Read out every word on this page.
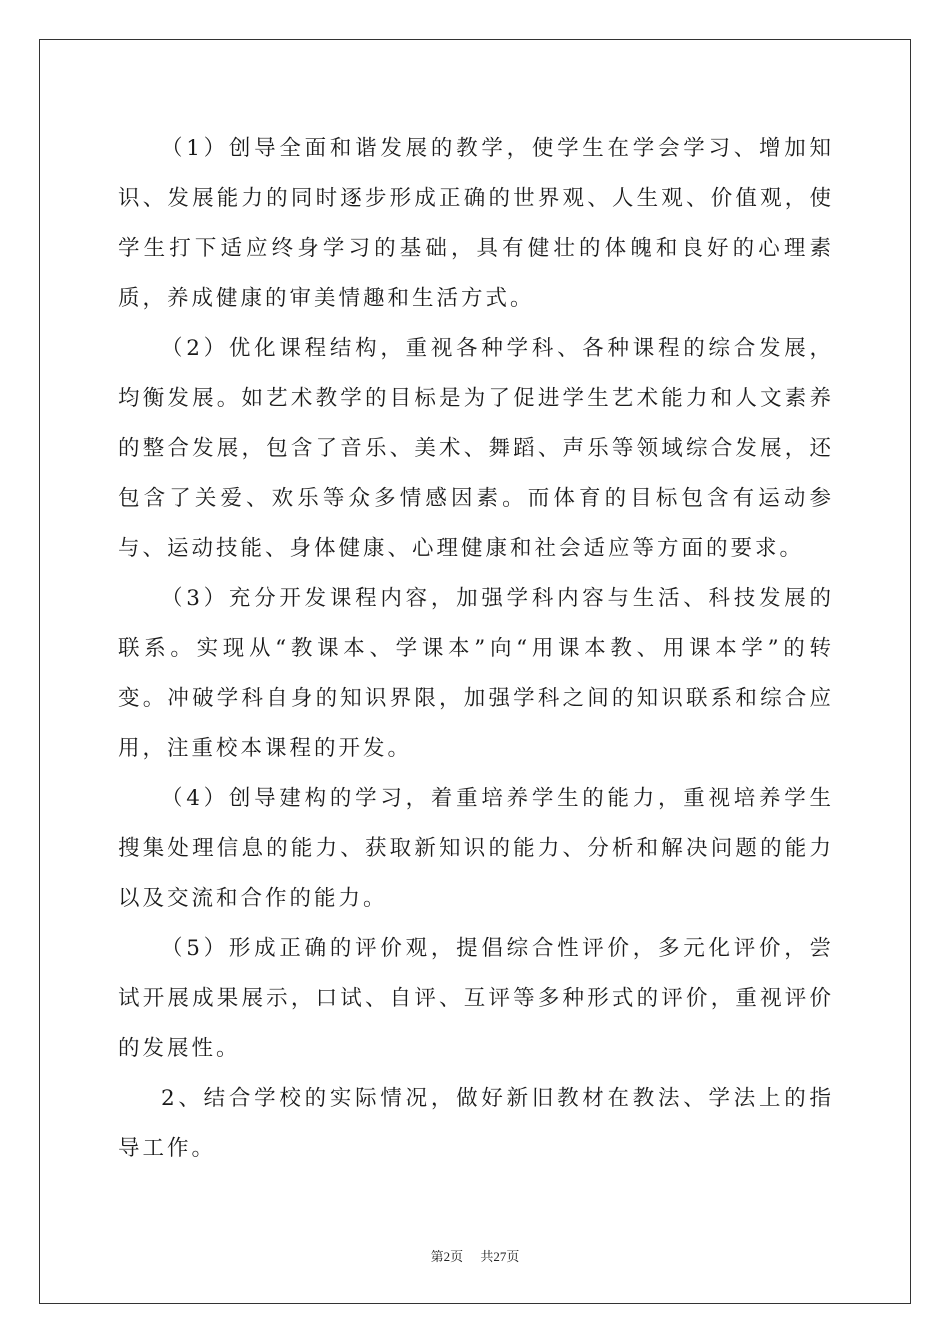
（1）创导全面和谐发展的教学，使学生在学会学习、增加知识、发展能力的同时逐步形成正确的世界观、人生观、价值观，使学生打下适应终身学习的基础，具有健壮的体魄和良好的心理素质，养成健康的审美情趣和生活方式。

（2）优化课程结构，重视各种学科、各种课程的综合发展，均衡发展。如艺术教学的目标是为了促进学生艺术能力和人文素养的整合发展，包含了音乐、美术、舞蹈、声乐等领域综合发展，还包含了关爱、欢乐等众多情感因素。而体育的目标包含有运动参与、运动技能、身体健康、心理健康和社会适应等方面的要求。

（3）充分开发课程内容，加强学科内容与生活、科技发展的联系。实现从“教课本、学课本”向“用课本教、用课本学”的转变。冲破学科自身的知识界限，加强学科之间的知识联系和综合应用，注重校本课程的开发。

（4）创导建构的学习，着重培养学生的能力，重视培养学生搜集处理信息的能力、获取新知识的能力、分析和解决问题的能力以及交流和合作的能力。

（5）形成正确的评价观，提倡综合性评价，多元化评价，尝试开展成果展示，口试、自评、互评等多种形式的评价，重视评价的发展性。

2、结合学校的实际情况，做好新旧教材在教法、学法上的指导工作。

第2页 共27页
